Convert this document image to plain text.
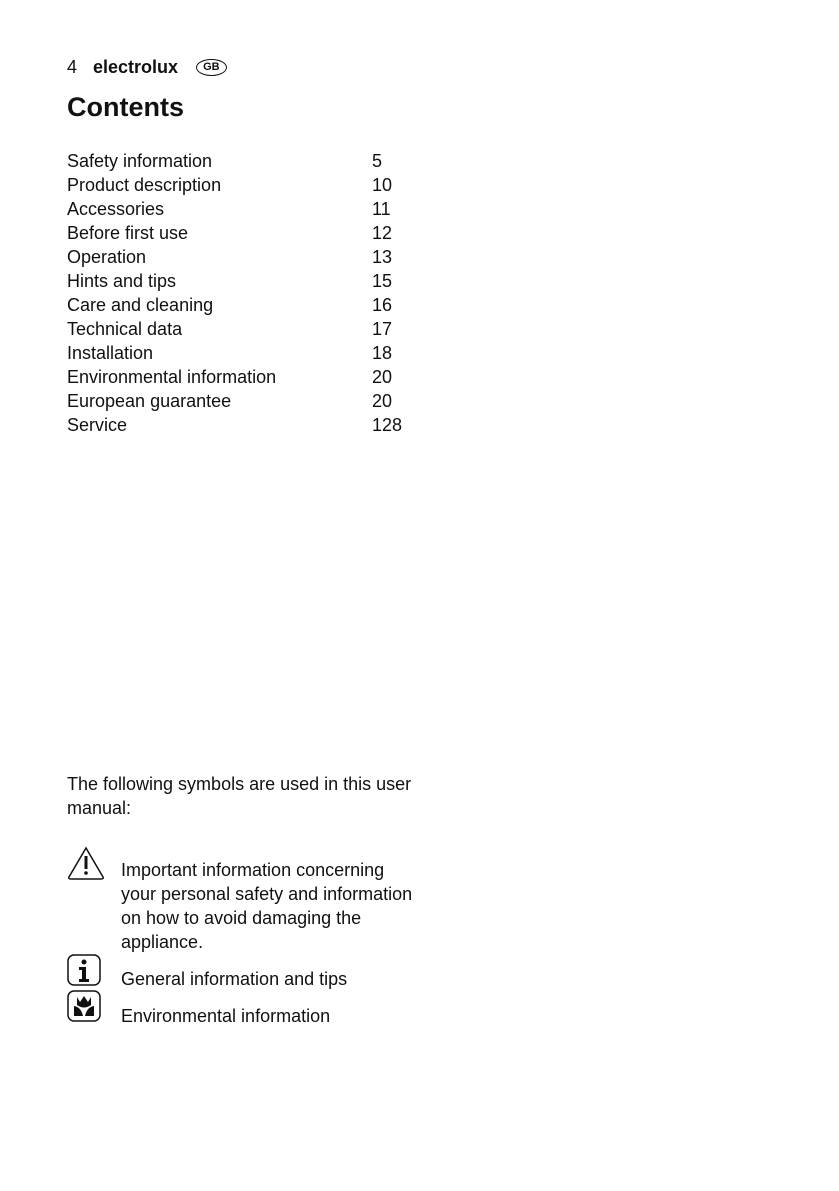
4 electrolux	GB
Contents
Safety information	5
Product description	10
Accessories	11
Before first use	12
Operation	13
Hints and tips	15
Care and cleaning	16
Technical data	17
Installation	18
Environmental information	20
European guarantee	20
Service	128
The following symbols are used in this user manual:
Important information concerning your personal safety and information on how to avoid damaging the appliance.
General information and tips
Environmental information
